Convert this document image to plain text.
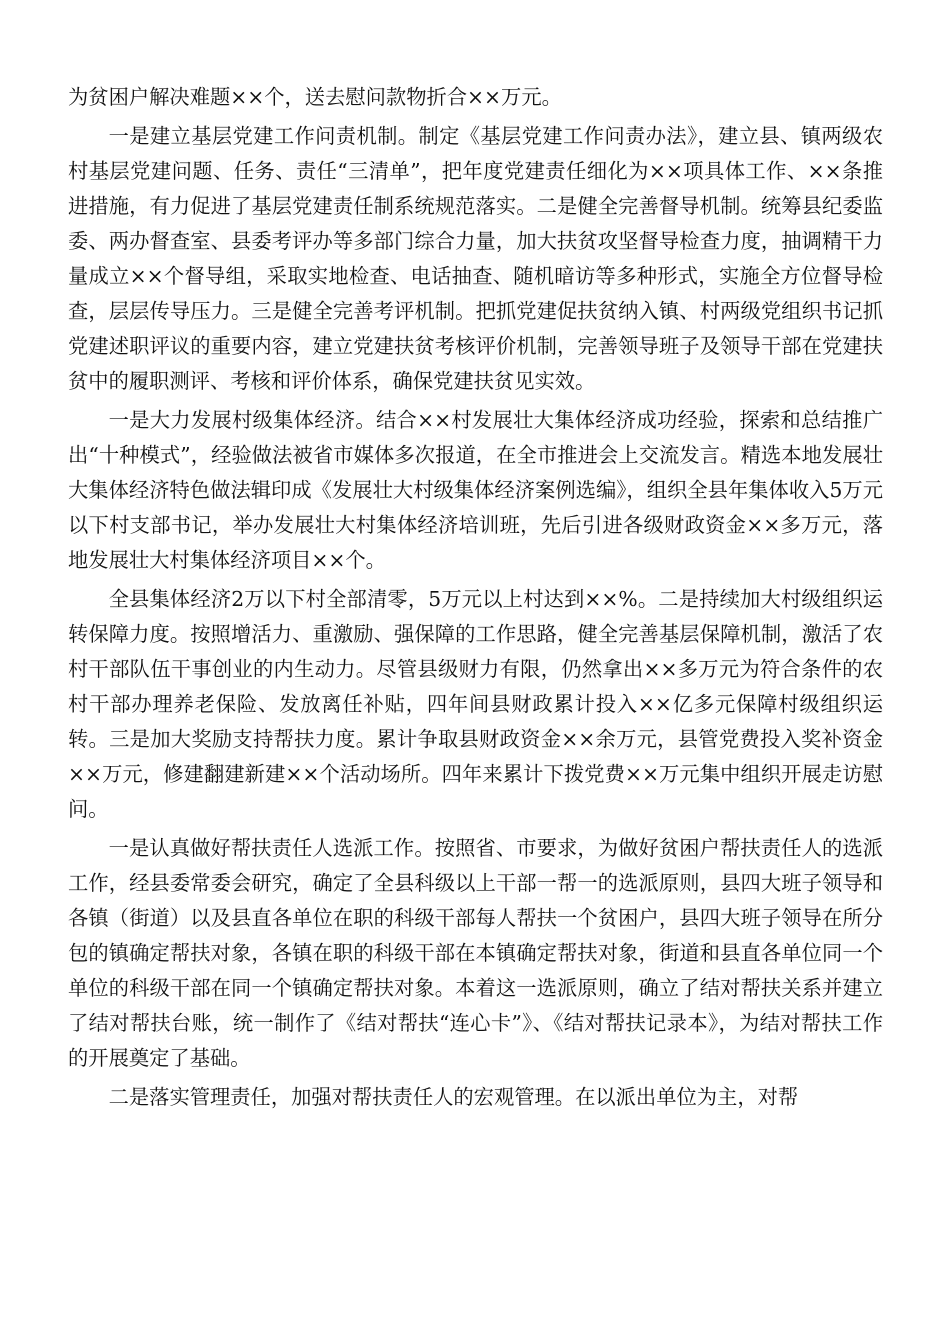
为贫困户解决难题××个，送去慰问款物折合××万元。

一是建立基层党建工作问责机制。制定《基层党建工作问责办法》，建立县、镇两级农村基层党建问题、任务、责任“三清单”，把年度党建责任细化为××项具体工作、××条推进措施，有力促进了基层党建责任制系统规范落实。二是健全完善督导机制。统筹县纪委监委、两办督查室、县委考评办等多部门综合力量，加大扶贫攻坚督导检查力度，抽调精干力量成立××个督导组，采取实地检查、电话抽查、随机暗访等多种形式，实施全方位督导检查，层层传导压力。三是健全完善考评机制。把抓党建促扶贫纳入镇、村两级党组织书记抓党建述职评议的重要内容，建立党建扶贫考核评价机制，完善领导班子及领导干部在党建扶贫中的履职测评、考核和评价体系，确保党建扶贫见实效。

一是大力发展村级集体经济。结合××村发展壮大集体经济成功经验，探索和总结推广出“十种模式”，经验做法被省市媒体多次报道，在全市推进会上交流发言。精选本地发展壮大集体经济特色做法辑印成《发展壮大村级集体经济案例选编》，组织全县年集体收入5万元以下村支部书记，举办发展壮大村集体经济培训班，先后引进各级财政资金××多万元，落地发展壮大村集体经济项目××个。

全县集体经济2万以下村全部清零，5万元以上村达到××%。二是持续加大村级组织运转保障力度。按照增活力、重激励、强保障的工作思路，健全完善基层保障机制，激活了农村干部队伍干事创业的内生动力。尽管县级财力有限，仍然拿出××多万元为符合条件的农村干部办理养老保险、发放离任补贴，四年间县财政累计投入××亿多元保障村级组织运转。三是加大奖励支持帮扶力度。累计争取县财政资金××余万元，县管党费投入奖补资金××万元，修建翻建新建××个活动场所。四年来累计下拨党费××万元集中组织开展走访慰问。

一是认真做好帮扶责任人选派工作。按照省、市要求，为做好贫困户帮扶责任人的选派工作，经县委常委会研究，确定了全县科级以上干部一帮一的选派原则，县四大班子领导和各镇（街道）以及县直各单位在职的科级干部每人帮扶一个贫困户，县四大班子领导在所分包的镇确定帮扶对象，各镇在职的科级干部在本镇确定帮扶对象，街道和县直各单位同一个单位的科级干部在同一个镇确定帮扶对象。本着这一选派原则，确立了结对帮扶关系并建立了结对帮扶台账，统一制作了《结对帮扶“连心卡”》、《结对帮扶记录本》，为结对帮扶工作的开展奠定了基础。

二是落实管理责任，加强对帮扶责任人的宏观管理。在以派出单位为主，对帮
